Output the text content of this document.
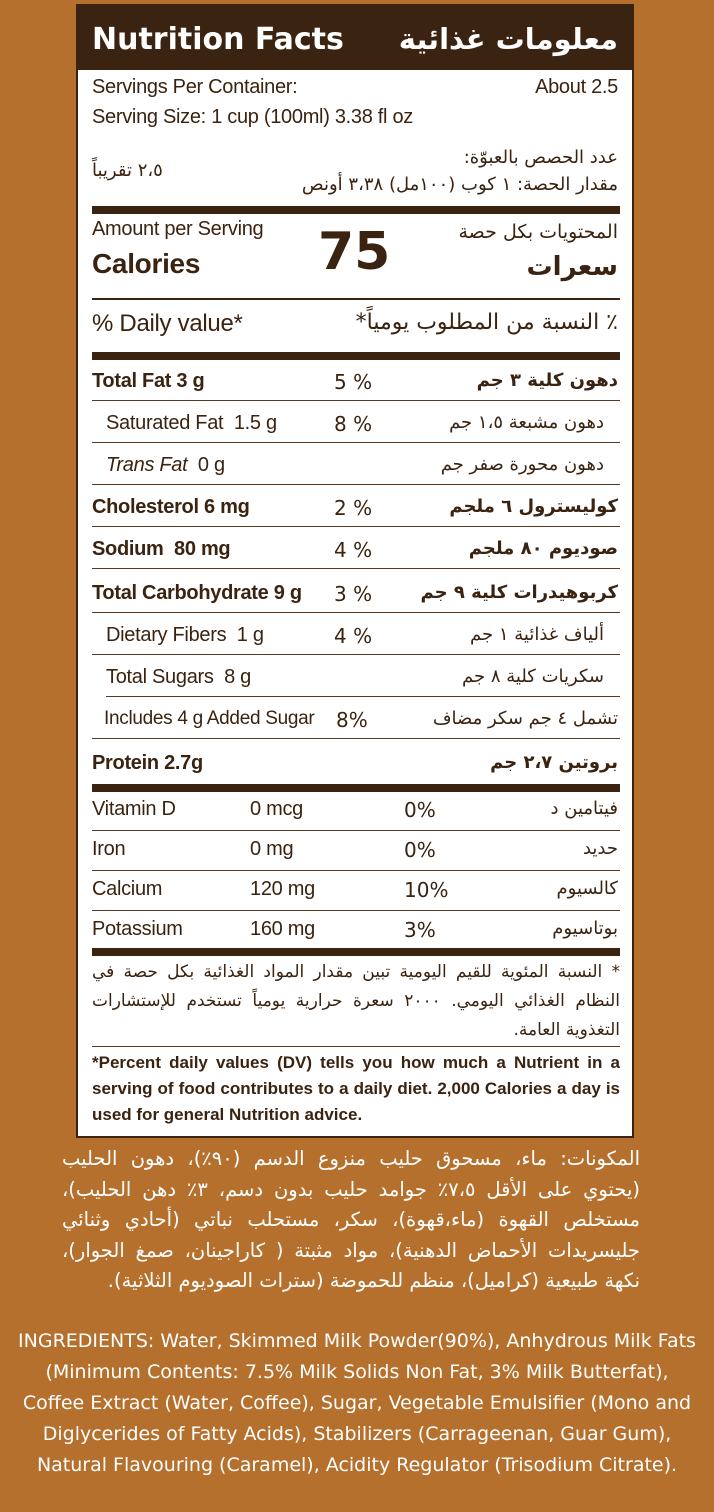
Nutrition Facts معلومات غذائية
Servings Per Container:	About 2.5
Serving Size: 1 cup (100ml) 3.38 fl oz
عدد الحصص بالعبوّة:
مقدار الحصة: ١ كوب (١٠٠مل) ٣،٣٨ أونص
٢،٥ تقريباً
Amount per Serving
Calories 75	المحتويات بكل حصة
سعرات
% Daily value*	٪ النسبة من المطلوب يومياً*
Total Fat 3 g	5 %	دهون كلية ٣ جم
Saturated Fat 1.5 g	8 %	دهون مشبعة ١،٥ جم
Trans Fat 0 g	دهون محورة صفر جم
Cholesterol 6 mg	2 %	كوليسترول ٦ ملجم
Sodium 80 mg	4 %	صوديوم ٨٠ ملجم
Total Carbohydrate 9 g 3 %	كربوهيدرات كلية ٩ جم
Dietary Fibers 1 g	4 %	ألياف غذائية ١ جم
Total Sugars 8 g	سكريات كلية ٨ جم
Includes 4 g Added Sugar 8%	تشمل ٤ جم سكر مضاف
Protein 2.7g	بروتين ٢،٧ جم
Vitamin D	0 mcg	0%	فيتامين د
Iron	0 mg	0%	حديد
Calcium	120 mg	10%	كالسيوم
Potassium	160 mg	3%	بوتاسيوم
* النسبة المئوية للقيم اليومية تبين مقدار المواد الغذائية بكل حصة في النظام الغذائي اليومي. ٢٠٠٠ سعرة حرارية يومياً تستخدم للإستشارات التغذوية العامة.
*Percent daily values (DV) tells you how much a Nutrient in a serving of food contributes to a daily diet. 2,000 Calories a day is used for general Nutrition advice.
المكونات: ماء، مسحوق حليب منزوع الدسم (٩٠٪)، دهون الحليب (يحتوي على الأقل ٧،٥٪ جوامد حليب بدون دسم، ٣٪ دهن الحليب)، مستخلص القهوة (ماء،قهوة)، سكر، مستحلب نباتي (أحادي وثنائي جليسريدات الأحماض الدهنية)، مواد مثبتة ( كاراجينان، صمغ الجوار)، نكهة طبيعية (كراميل)، منظم للحموضة (سترات الصوديوم الثلاثية).
INGREDIENTS: Water, Skimmed Milk Powder(90%), Anhydrous Milk Fats (Minimum Contents: 7.5% Milk Solids Non Fat, 3% Milk Butterfat), Coffee Extract (Water, Coffee), Sugar, Vegetable Emulsifier (Mono and Diglycerides of Fatty Acids), Stabilizers (Carrageenan, Guar Gum), Natural Flavouring (Caramel), Acidity Regulator (Trisodium Citrate).
